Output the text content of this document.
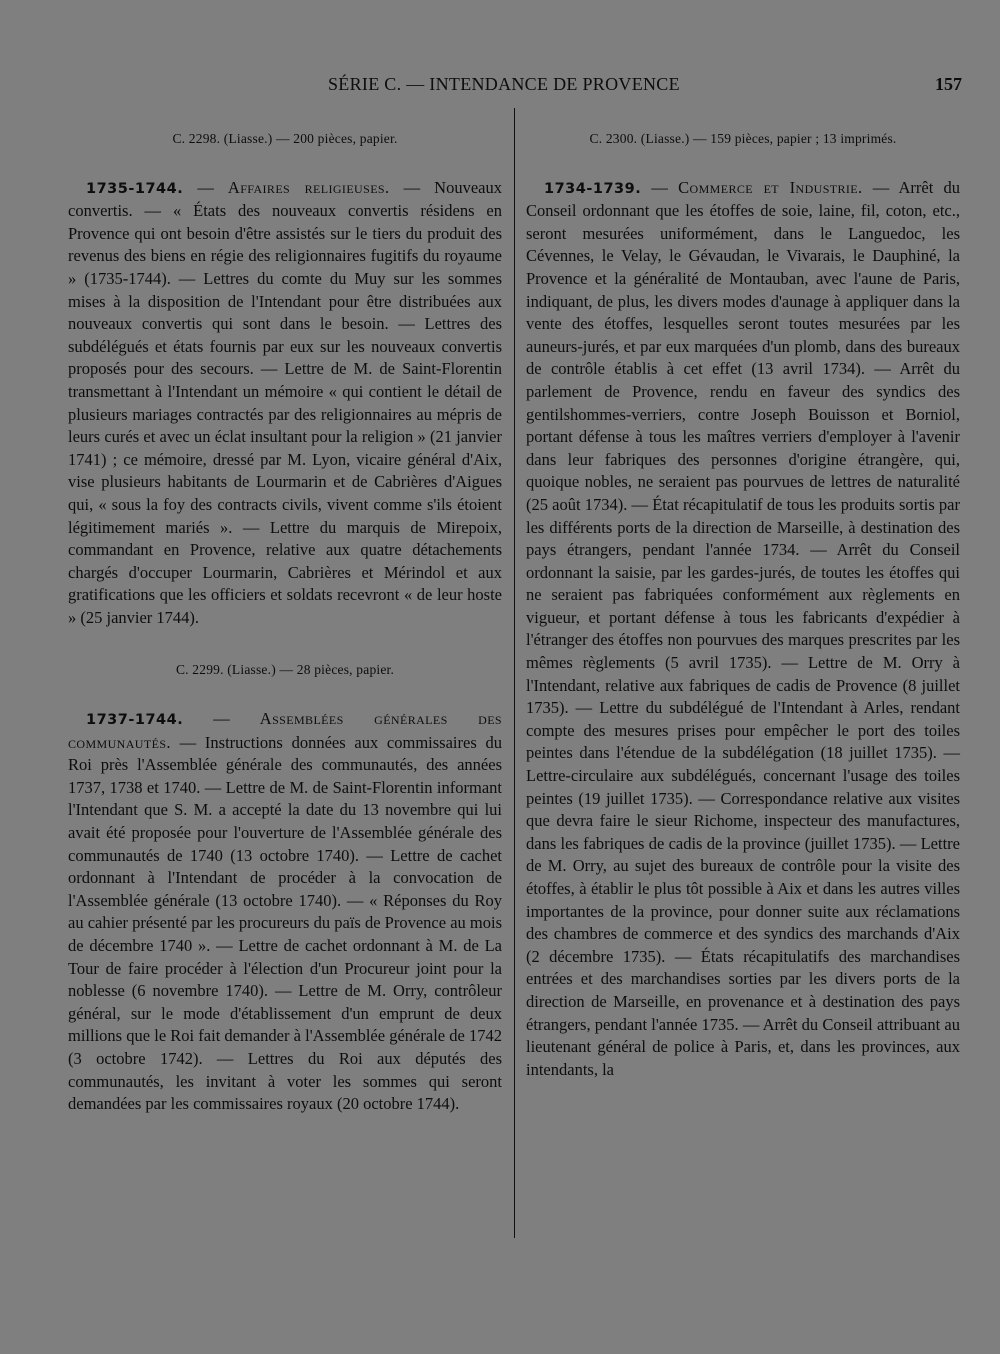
SÉRIE C. — INTENDANCE DE PROVENCE	157
C. 2298. (Liasse.) — 200 pièces, papier.

1735-1744. — Affaires religieuses. — Nouveaux convertis. — « États des nouveaux convertis résidens en Provence qui ont besoin d'être assistés sur le tiers du produit des revenus des biens en régie des religionnaires fugitifs du royaume » (1735-1744). — Lettres du comte du Muy sur les sommes mises à la disposition de l'Intendant pour être distribuées aux nouveaux convertis qui sont dans le besoin. — Lettres des subdélégués et états fournis par eux sur les nouveaux convertis proposés pour des secours. — Lettre de M. de Saint-Florentin transmettant à l'Intendant un mémoire « qui contient le détail de plusieurs mariages contractés par des religionnaires au mépris de leurs curés et avec un éclat insultant pour la religion » (21 janvier 1741) ; ce mémoire, dressé par M. Lyon, vicaire général d'Aix, vise plusieurs habitants de Lourmarin et de Cabrières d'Aigues qui, « sous la foy des contracts civils, vivent comme s'ils étoient légitimement mariés ». — Lettre du marquis de Mirepoix, commandant en Provence, relative aux quatre détachements chargés d'occuper Lourmarin, Cabrières et Mérindol et aux gratifications que les officiers et soldats recevront « de leur hoste » (25 janvier 1744).

C. 2299. (Liasse.) — 28 pièces, papier.

1737-1744. — Assemblées générales des communautés. — Instructions données aux commissaires du Roi près l'Assemblée générale des communautés, des années 1737, 1738 et 1740. — Lettre de M. de Saint-Florentin informant l'Intendant que S. M. a accepté la date du 13 novembre qui lui avait été proposée pour l'ouverture de l'Assemblée générale des communautés de 1740 (13 octobre 1740). — Lettre de cachet ordonnant à l'Intendant de procéder à la convocation de l'Assemblée générale (13 octobre 1740). — « Réponses du Roy au cahier présenté par les procureurs du païs de Provence au mois de décembre 1740 ». — Lettre de cachet ordonnant à M. de La Tour de faire procéder à l'élection d'un Procureur joint pour la noblesse (6 novembre 1740). — Lettre de M. Orry, contrôleur général, sur le mode d'établissement d'un emprunt de deux millions que le Roi fait demander à l'Assemblée générale de 1742 (3 octobre 1742). — Lettres du Roi aux députés des communautés, les invitant à voter les sommes qui seront demandées par les commissaires royaux (20 octobre 1744).

C. 2300. (Liasse.) — 159 pièces, papier ; 13 imprimés.

1734-1739. — Commerce et Industrie. — Arrêt du Conseil ordonnant que les étoffes de soie, laine, fil, coton, etc., seront mesurées uniformément, dans le Languedoc, les Cévennes, le Velay, le Gévaudan, le Vivarais, le Dauphiné, la Provence et la généralité de Montauban, avec l'aune de Paris, indiquant, de plus, les divers modes d'aunage à appliquer dans la vente des étoffes, lesquelles seront toutes mesurées par les auneurs-jurés, et par eux marquées d'un plomb, dans des bureaux de contrôle établis à cet effet (13 avril 1734). — Arrêt du parlement de Provence, rendu en faveur des syndics des gentilshommes-verriers, contre Joseph Bouisson et Borniol, portant défense à tous les maîtres verriers d'employer à l'avenir dans leur fabriques des personnes d'origine étrangère, qui, quoique nobles, ne seraient pas pourvues de lettres de naturalité (25 août 1734). — État récapitulatif de tous les produits sortis par les différents ports de la direction de Marseille, à destination des pays étrangers, pendant l'année 1734. — Arrêt du Conseil ordonnant la saisie, par les gardes-jurés, de toutes les étoffes qui ne seraient pas fabriquées conformément aux règlements en vigueur, et portant défense à tous les fabricants d'expédier à l'étranger des étoffes non pourvues des marques prescrites par les mêmes règlements (5 avril 1735). — Lettre de M. Orry à l'Intendant, relative aux fabriques de cadis de Provence (8 juillet 1735). — Lettre du subdélégué de l'Intendant à Arles, rendant compte des mesures prises pour empêcher le port des toiles peintes dans l'étendue de la subdélégation (18 juillet 1735). — Lettre-circulaire aux subdélégués, concernant l'usage des toiles peintes (19 juillet 1735). — Correspondance relative aux visites que devra faire le sieur Richome, inspecteur des manufactures, dans les fabriques de cadis de la province (juillet 1735). — Lettre de M. Orry, au sujet des bureaux de contrôle pour la visite des étoffes, à établir le plus tôt possible à Aix et dans les autres villes importantes de la province, pour donner suite aux réclamations des chambres de commerce et des syndics des marchands d'Aix (2 décembre 1735). — États récapitulatifs des marchandises entrées et des marchandises sorties par les divers ports de la direction de Marseille, en provenance et à destination des pays étrangers, pendant l'année 1735. — Arrêt du Conseil attribuant au lieutenant général de police à Paris, et, dans les provinces, aux intendants, la
